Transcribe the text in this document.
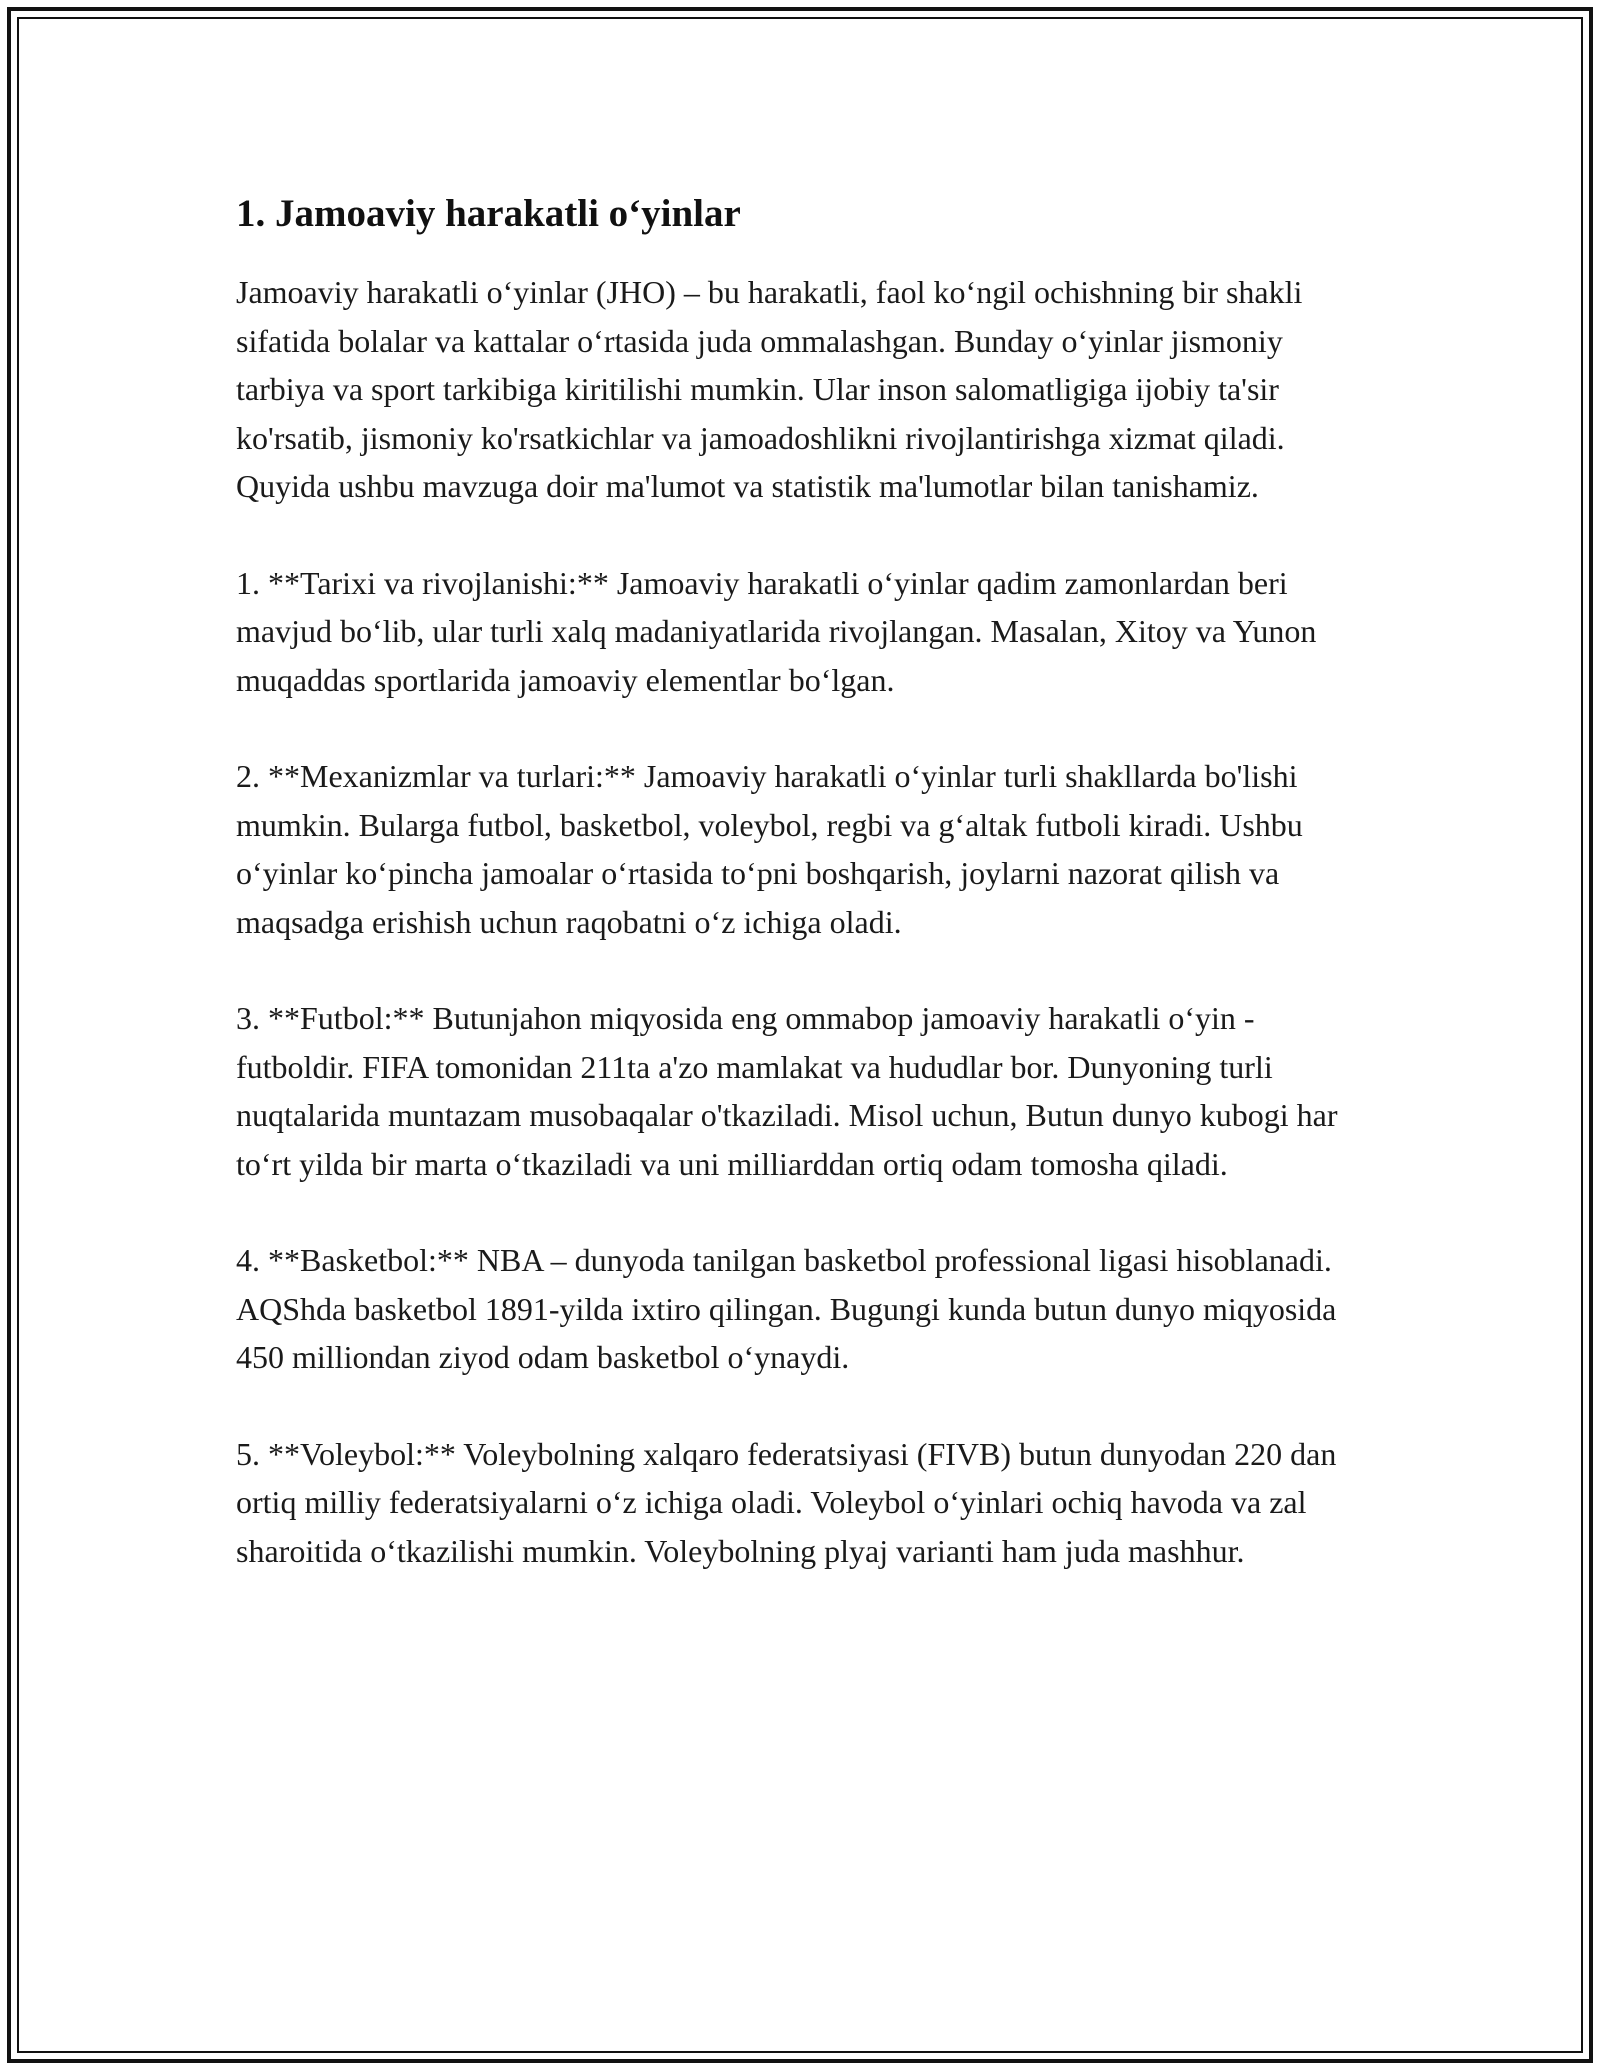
1. Jamoaviy harakatli o‘yinlar

Jamoaviy harakatli o‘yinlar (JHO) – bu harakatli, faol ko‘ngil ochishning bir shakli sifatida bolalar va kattalar o‘rtasida juda ommalashgan. Bunday o‘yinlar jismoniy tarbiya va sport tarkibiga kiritilishi mumkin. Ular inson salomatligiga ijobiy ta'sir ko'rsatib, jismoniy ko'rsatkichlar va jamoadoshlikni rivojlantirishga xizmat qiladi. Quyida ushbu mavzuga doir ma'lumot va statistik ma'lumotlar bilan tanishamiz.

1. **Tarixi va rivojlanishi:** Jamoaviy harakatli o‘yinlar qadim zamonlardan beri mavjud bo‘lib, ular turli xalq madaniyatlarida rivojlangan. Masalan, Xitoy va Yunon muqaddas sportlarida jamoaviy elementlar bo‘lgan.

2. **Mexanizmlar va turlari:** Jamoaviy harakatli o‘yinlar turli shakllarda bo'lishi mumkin. Bularga futbol, basketbol, voleybol, regbi va g‘altak futboli kiradi. Ushbu o‘yinlar ko‘pincha jamoalar o‘rtasida to‘pni boshqarish, joylarni nazorat qilish va maqsadga erishish uchun raqobatni o‘z ichiga oladi.

3. **Futbol:** Butunjahon miqyosida eng ommabop jamoaviy harakatli o‘yin - futboldir. FIFA tomonidan 211ta a'zo mamlakat va hududlar bor. Dunyoning turli nuqtalarida muntazam musobaqalar o'tkaziladi. Misol uchun, Butun dunyo kubogi har to‘rt yilda bir marta o‘tkaziladi va uni milliarddan ortiq odam tomosha qiladi.

4. **Basketbol:** NBA – dunyoda tanilgan basketbol professional ligasi hisoblanadi. AQShda basketbol 1891-yilda ixtiro qilingan. Bugungi kunda butun dunyo miqyosida 450 milliondan ziyod odam basketbol o‘ynaydi.

5. **Voleybol:** Voleybolning xalqaro federatsiyasi (FIVB) butun dunyodan 220 dan ortiq milliy federatsiyalarni o‘z ichiga oladi. Voleybol o‘yinlari ochiq havoda va zal sharoitida o‘tkazilishi mumkin. Voleybolning plyaj varianti ham juda mashhur.
